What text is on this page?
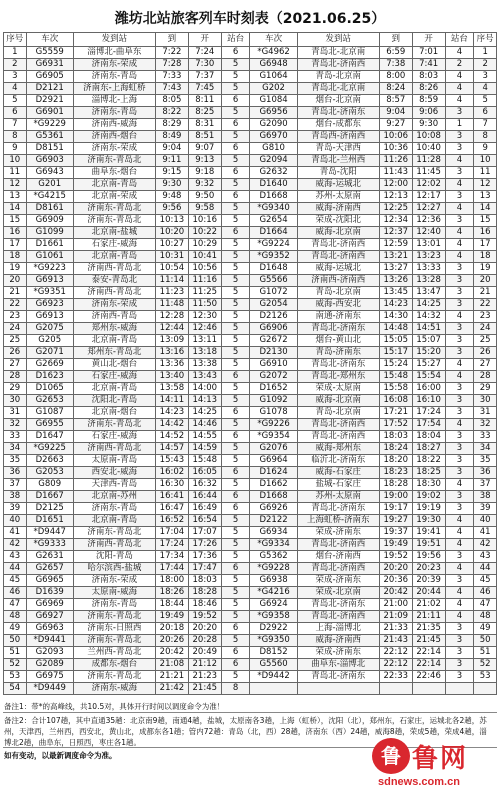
潍坊北站旅客列车时刻表（2021.06.25）
序号	车次	发到站	到	开	站台	车次	发到站	到	开	站台	序号
1	G5559	淄博北-曲阜东	7:22	7:24	6	*G4962	青岛北-北京南	6:59	7:01	4	1
2	G6931	济南东-荣成	7:28	7:30	5	G6948	青岛北-济南西	7:38	7:41	2	2
3	G6905	济南东-青岛	7:33	7:37	5	G1064	青岛-北京南	8:00	8:03	4	3
4	D2121	济南东-上海虹桥	7:43	7:45	5	G202	青岛北-北京南	8:24	8:26	4	4
5	D2921	淄博北-上海	8:05	8:11	6	G1084	烟台-北京南	8:57	8:59	4	5
6	G6901	济南东-青岛	8:22	8:25	5	G6956	青岛北-济南东	9:04	9:06	3	6
7	*G9229	济南西-威海	8:29	8:31	6	G2090	烟台-成都东	9:27	9:30	1	7
8	G5361	济南西-烟台	8:49	8:51	5	G6970	青岛西-济南西	10:06	10:08	3	8
9	D8151	济南东-荣成	9:04	9:07	6	G810	青岛-天津西	10:36	10:40	3	9
10	G6903	济南东-青岛北	9:11	9:13	5	G2094	青岛北-兰州西	11:26	11:28	4	10
11	G6943	曲阜东-烟台	9:15	9:18	6	G2632	青岛-沈阳	11:43	11:45	3	11
12	G201	北京南-青岛	9:30	9:32	5	D1640	威海-运城北	12:00	12:02	4	12
13	*G4215	北京南-荣成	9:48	9:50	6	D1668	苏州-太原南	12:13	12:17	3	13
14	D8161	济南东-青岛北	9:56	9:58	5	*G9340	威海-济南西	12:25	12:27	4	14
15	G6909	济南东-青岛北	10:13	10:16	5	G2654	荣成-沈阳北	12:34	12:36	3	15
16	G1099	北京南-盐城	10:20	10:22	6	D1664	威海-北京南	12:37	12:40	4	16
17	D1661	石家庄-威海	10:27	10:29	5	*G9224	青岛北-济南西	12:59	13:01	4	17
18	G1061	北京南-青岛	10:31	10:41	5	*G9352	青岛北-济南西	13:21	13:23	4	18
19	*G9223	济南西-青岛北	10:54	10:56	5	D1648	威海-运城北	13:27	13:33	3	19
20	G6913	泰安-青岛北	11:14	11:16	5	G5566	济南西-济南西	13:26	13:28	3	20
21	*G9351	济南西-青岛北	11:23	11:25	5	G1072	青岛-北京南	13:45	13:47	3	21
22	G6923	济南东-荣成	11:48	11:50	5	G2054	威海-西安北	14:23	14:25	3	22
23	G6913	济南西-青岛	12:28	12:30	5	D2126	南通-济南东	14:30	14:32	4	23
24	G2075	郑州东-威海	12:44	12:46	5	G6906	青岛北-济南东	14:48	14:51	3	24
25	G205	北京南-青岛	13:09	13:11	5	G2672	烟台-黄山北	15:05	15:07	3	25
26	G2071	郑州东-青岛北	13:16	13:18	5	D2130	青岛-济南东	15:17	15:20	3	26
27	G2669	黄山北-烟台	13:36	13:38	5	G6910	青岛北-济南东	15:24	15:27	4	27
28	D1623	石家庄-威海	13:40	13:43	6	G2072	青岛北-郑州东	15:48	15:54	4	28
29	D1065	北京南-青岛	13:58	14:00	5	D1652	荣成-太原南	15:58	16:00	3	29
30	G2653	沈阳北-青岛	14:11	14:13	5	G1092	威海-北京南	16:08	16:10	3	30
31	G1087	北京南-烟台	14:23	14:25	6	G1078	青岛-北京南	17:21	17:24	3	31
32	G6955	济南东-青岛北	14:42	14:46	5	*G9226	青岛北-济南西	17:52	17:54	4	32
33	D1647	石家庄-威海	14:52	14:55	6	*G9354	青岛北-济南西	18:03	18:04	3	33
34	*G9225	济南西-青岛北	14:57	14:59	5	G2076	威海-郑州东	18:24	18:27	3	34
35	D2663	太原南-青岛	15:43	15:48	5	G6964	临沂北-济南东	18:20	18:22	3	35
36	G2053	西安北-威海	16:02	16:05	6	D1624	威海-石家庄	18:23	18:25	3	36
37	G809	天津西-青岛	16:30	16:32	5	D1662	盐城-石家庄	18:28	18:30	4	37
38	D1667	北京南-苏州	16:41	16:44	6	D1668	苏州-太原南	19:00	19:02	3	38
39	D2125	济南东-青岛	16:47	16:49	6	G6926	青岛北-济南东	19:17	19:19	3	39
40	D1651	北京南-青岛	16:52	16:54	5	D2122	上海虹桥-济南东	19:27	19:30	4	40
41	*D9447	济南东-青岛北	17:04	17:07	5	G6934	荣成-济南东	19:37	19:41	4	41
42	*G9333	济南西-青岛北	17:24	17:26	5	*G9334	青岛北-济南西	19:49	19:51	4	42
43	G2631	沈阳-青岛	17:34	17:36	5	G5362	烟台-济南西	19:52	19:56	3	43
44	G2657	哈尔滨西-盐城	17:44	17:47	6	*G9228	青岛北-济南西	20:20	20:23	4	44
45	G6965	济南东-荣成	18:00	18:03	5	G6938	荣成-济南东	20:36	20:39	3	45
46	D1639	太原南-威海	18:26	18:28	5	*G4216	荣成-北京南	20:42	20:44	4	46
47	G6969	济南东-青岛	18:44	18:46	5	G6924	青岛北-济南东	21:00	21:02	4	47
48	G6927	济南东-青岛北	19:49	19:52	5	*G9358	青岛北-济南西	21:09	21:11	4	48
49	G6963	济南东-日照西	20:18	20:20	6	D2922	上海-淄博北	21:33	21:35	3	49
50	*D9441	济南东-青岛北	20:26	20:28	5	*G9350	威海-济南西	21:43	21:45	3	50
51	G2093	兰州西-青岛北	20:42	20:49	6	D8152	荣成-济南东	22:12	22:14	3	51
52	G2089	成都东-烟台	21:08	21:12	6	G5560	曲阜东-淄博北	22:12	22:14	3	52
53	G6975	济南东-青岛北	21:21	21:23	5	*D9442	青岛北-济南东	22:33	22:46	3	53
54	*D9449	济南东-威海	21:42	21:45	8						
备注1：带*的高峰线，共10.5对，具体开行时间以调度命令为准！
备注2：合计107趟，其中直通35趟：北京南9趟，南通4趟，盐城，太原南各3趟，上海（虹桥），沈阳（北），郑州东，石家庄，运城北各2趟，苏州，天津西，兰州西，西安北，黄山北，成都东各1趟；管内72趟：青岛（北，西）28趟，济南东（西）24趟，威海8趟，荣成5趟，荣成4趟，淄博北2趟，曲阜东，日照西，枣庄各1趟。
如有变动，以最新调度命令为准。	鲁 鲁网
sdnews.com.cn
